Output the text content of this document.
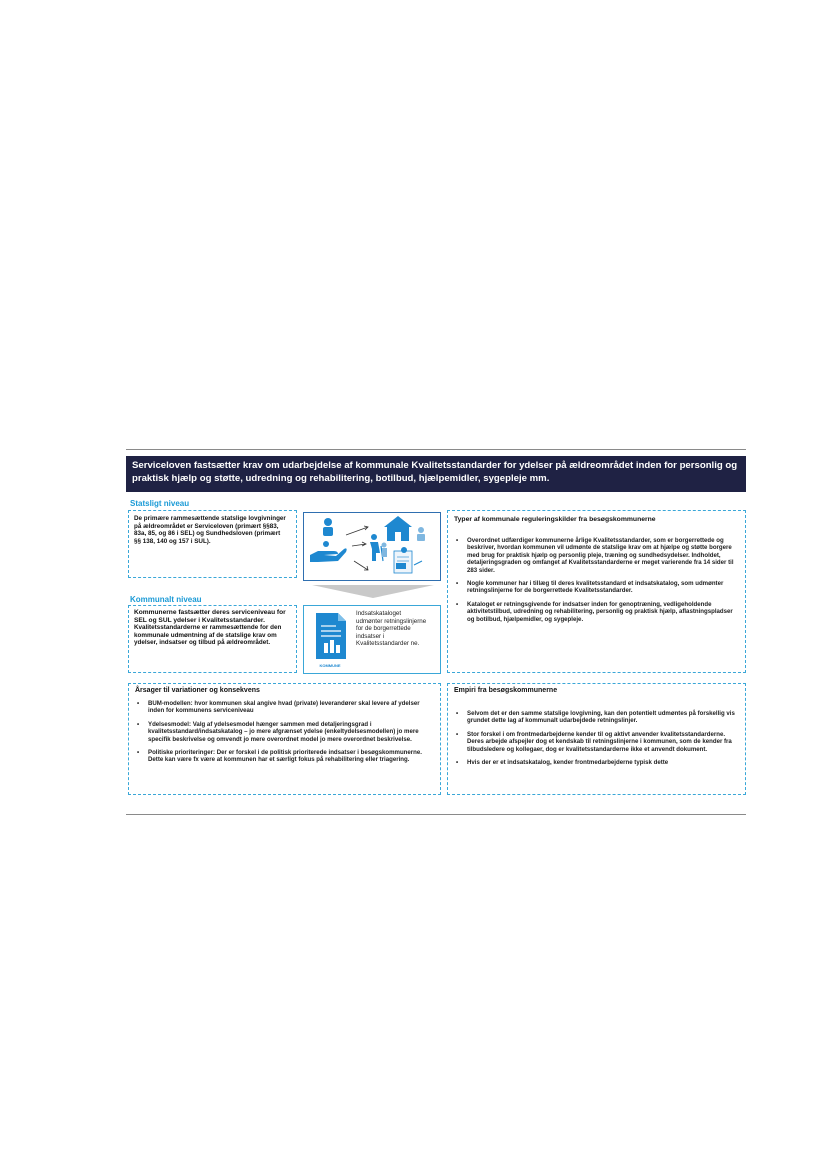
Serviceloven fastsætter krav om udarbejdelse af kommunale Kvalitetsstandarder for ydelser på ældreområdet inden for personlig og praktisk hjælp og støtte, udredning og rehabilitering, botilbud, hjælpemidler, sygepleje mm.
Statsligt niveau
De primære rammesættende statslige lovgivninger på ældreområdet er Serviceloven (primært §§83, 83a, 85, og 86 i SEL) og Sundhedsloven (primært §§ 138, 140 og 157 i SUL).
Kommunalt niveau
Kommunerne fastsætter deres serviceniveau for SEL og SUL ydelser i Kvalitetsstandarder. Kvalitetsstandarderne er rammesættende for den kommunale udmøntning af de statslige krav om ydelser, indsatser og tilbud på ældreområdet.
KOMMUNE
Indsatskataloget udmønter retningslinjerne for de borgerrettede indsatser i Kvalitetsstandarder ne.
Typer af kommunale reguleringskilder fra besøgskommunerne
• Overordnet udfærdiger kommunerne årlige Kvalitetsstandarder, som er borgerrettede og beskriver, hvordan kommunen vil udmønte de statslige krav om at hjælpe og støtte borgere med brug for praktisk hjælp og personlig pleje, træning og sundhedsydelser. Indholdet, detaljeringsgraden og omfanget af Kvalitetsstandarderne er meget varierende fra 14 sider til 283 sider.
• Nogle kommuner har i tillæg til deres kvalitetsstandard et indsatskatalog, som udmønter retningslinjerne for de borgerrettede Kvalitetsstandarder.
• Kataloget er retningsgivende for indsatser inden for genoptræning, vedligeholdende aktivitetstilbud, udredning og rehabilitering, personlig og praktisk hjælp, aflastningspladser og botilbud, hjælpemidler, og sygepleje.
Årsager til variationer og konsekvens
• BUM-modellen: hvor kommunen skal angive hvad (private) leverandører skal levere af ydelser inden for kommunens serviceniveau
• Ydelsesmodel: Valg af ydelsesmodel hænger sammen med detaljeringsgrad i kvalitetsstandard/indsatskatalog – jo mere afgrænset ydelse (enkeltydelsesmodellen) jo mere specifik beskrivelse og omvendt jo mere overordnet model jo mere overordnet beskrivelse.
• Politiske prioriteringer: Der er forskel i de politisk prioriterede indsatser i besøgskommunerne. Dette kan være fx være at kommunen har et særligt fokus på rehabilitering eller triagering.
Empiri fra besøgskommunerne
• Selvom det er den samme statslige lovgivning, kan den potentielt udmøntes på forskellig vis grundet dette lag af kommunalt udarbejdede retningslinjer.
• Stor forskel i om frontmedarbejderne kender til og aktivt anvender kvalitetsstandarderne. Deres arbejde afspejler dog et kendskab til retningslinjerne i kommunen, som de kender fra tilbudsledere og kollegaer, dog er kvalitetsstandarderne ikke et anvendt dokument.
• Hvis der er et indsatskatalog, kender frontmedarbejderne typisk dette
